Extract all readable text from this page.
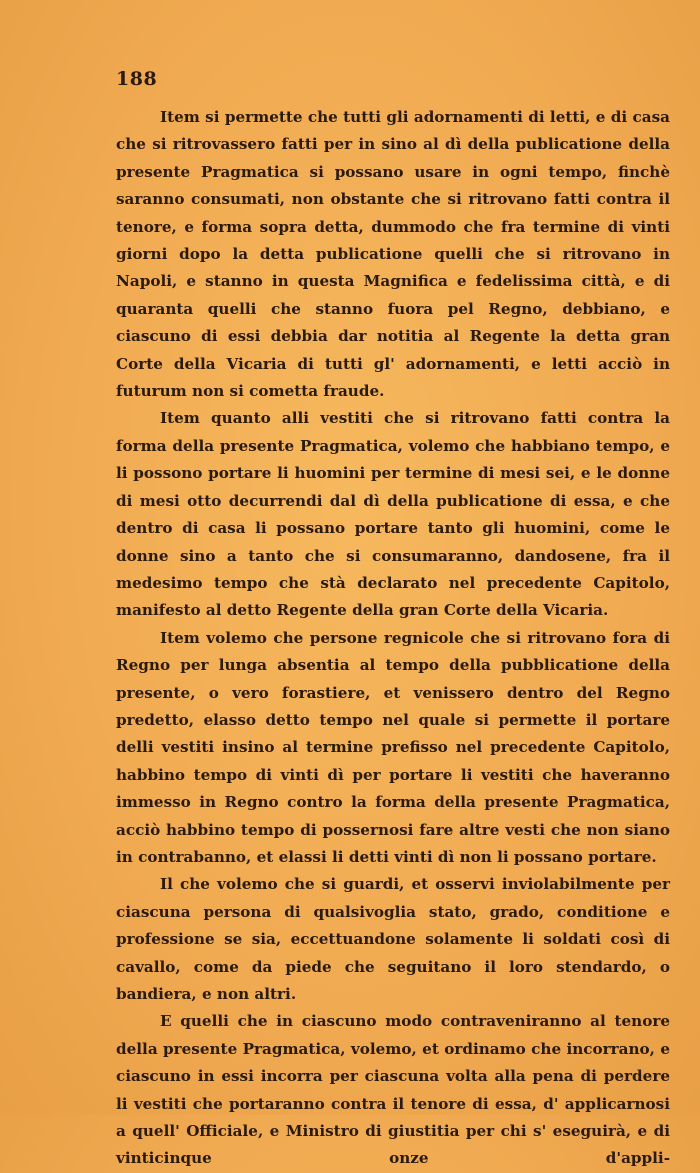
188

Item si permette che tutti gli adornamenti di letti, e di casa che si ritrovassero fatti per in sino al dì della publicatione della presente Pragmatica si possano usare in ogni tempo, finchè saranno consumati, non obstante che si ritrovano fatti contra il tenore, e forma sopra detta, dummodo che fra termine di vinti giorni dopo la detta publicatione quelli che si ritrovano in Napoli, e stanno in questa Magnifica e fedelissima città, e di quaranta quelli che stanno fuora pel Regno, debbiano, e ciascuno di essi debbia dar notitia al Regente la detta gran Corte della Vicaria di tutti gl' adornamenti, e letti acciò in futurum non si cometta fraude.

Item quanto alli vestiti che si ritrovano fatti contra la forma della presente Pragmatica, volemo che habbiano tempo, e li possono portare li huomini per termine di mesi sei, e le donne di mesi otto decurrendi dal dì della publicatione di essa, e che dentro di casa li possano portare tanto gli huomini, come le donne sino a tanto che si consumaranno, dandosene, fra il medesimo tempo che stà declarato nel precedente Capitolo, manifesto al detto Regente della gran Corte della Vicaria.

Item volemo che persone regnicole che si ritrovano fora di Regno per lunga absentia al tempo della pubblicatione della presente, o vero forastiere, et venissero dentro del Regno predetto, elasso detto tempo nel quale si permette il portare delli vestiti insino al termine prefisso nel precedente Capitolo, habbino tempo di vinti dì per portare li vestiti che haveranno immesso in Regno contro la forma della presente Pragmatica, acciò habbino tempo di possernosi fare altre vesti che non siano in contrabanno, et elassi li detti vinti dì non li possano portare.

Il che volemo che si guardi, et osservi inviolabilmente per ciascuna persona di qualsivoglia stato, grado, conditione e professione se sia, eccettuandone solamente li soldati così di cavallo, come da piede che seguitano il loro stendardo, o bandiera, e non altri.

E quelli che in ciascuno modo contraveniranno al tenore della presente Pragmatica, volemo, et ordinamo che incorrano, e ciascuno in essi incorra per ciascuna volta alla pena di perdere li vestiti che portaranno contra il tenore di essa, d' applicarnosi a quell' Officiale, e Ministro di giustitia per chi s' eseguirà, e di vinticinque onze d'appli-
